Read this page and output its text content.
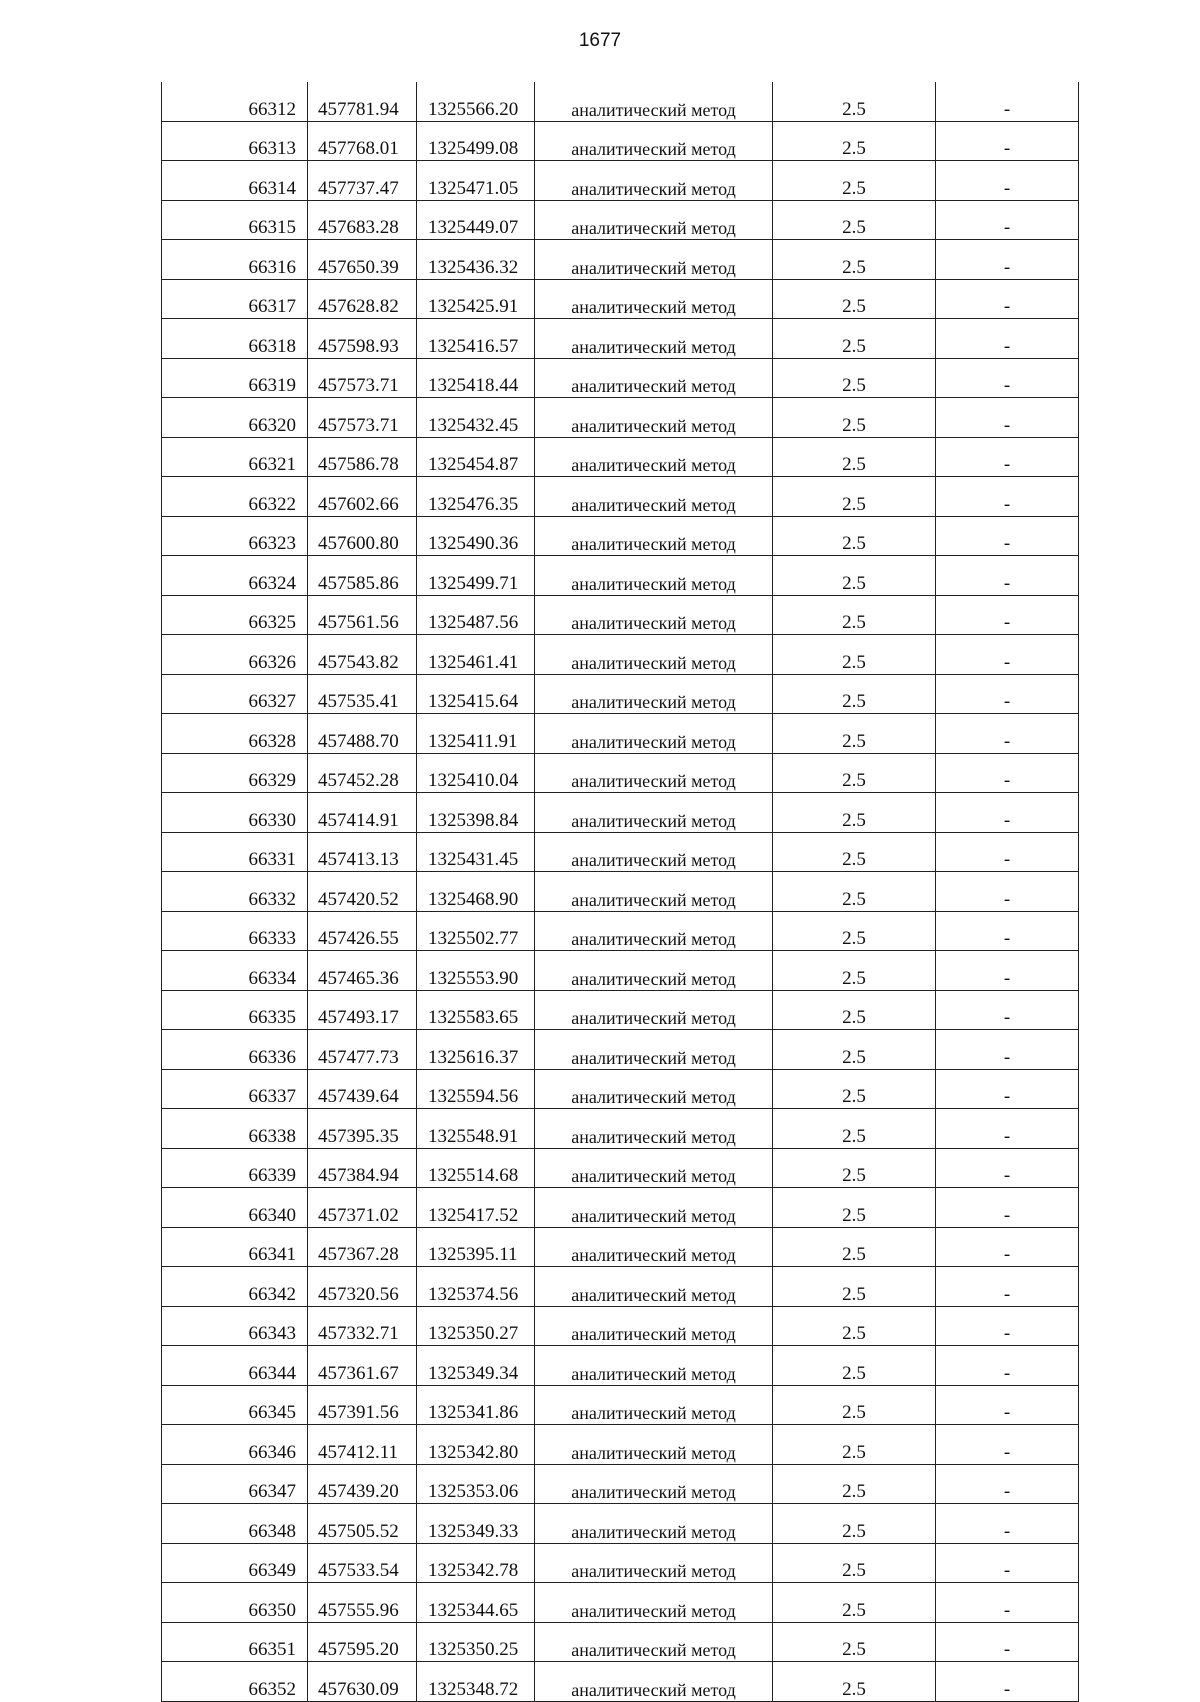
1677
66312	457781.94	1325566.20	аналитический метод	2.5	-
66313	457768.01	1325499.08	аналитический метод	2.5	-
66314	457737.47	1325471.05	аналитический метод	2.5	-
66315	457683.28	1325449.07	аналитический метод	2.5	-
66316	457650.39	1325436.32	аналитический метод	2.5	-
66317	457628.82	1325425.91	аналитический метод	2.5	-
66318	457598.93	1325416.57	аналитический метод	2.5	-
66319	457573.71	1325418.44	аналитический метод	2.5	-
66320	457573.71	1325432.45	аналитический метод	2.5	-
66321	457586.78	1325454.87	аналитический метод	2.5	-
66322	457602.66	1325476.35	аналитический метод	2.5	-
66323	457600.80	1325490.36	аналитический метод	2.5	-
66324	457585.86	1325499.71	аналитический метод	2.5	-
66325	457561.56	1325487.56	аналитический метод	2.5	-
66326	457543.82	1325461.41	аналитический метод	2.5	-
66327	457535.41	1325415.64	аналитический метод	2.5	-
66328	457488.70	1325411.91	аналитический метод	2.5	-
66329	457452.28	1325410.04	аналитический метод	2.5	-
66330	457414.91	1325398.84	аналитический метод	2.5	-
66331	457413.13	1325431.45	аналитический метод	2.5	-
66332	457420.52	1325468.90	аналитический метод	2.5	-
66333	457426.55	1325502.77	аналитический метод	2.5	-
66334	457465.36	1325553.90	аналитический метод	2.5	-
66335	457493.17	1325583.65	аналитический метод	2.5	-
66336	457477.73	1325616.37	аналитический метод	2.5	-
66337	457439.64	1325594.56	аналитический метод	2.5	-
66338	457395.35	1325548.91	аналитический метод	2.5	-
66339	457384.94	1325514.68	аналитический метод	2.5	-
66340	457371.02	1325417.52	аналитический метод	2.5	-
66341	457367.28	1325395.11	аналитический метод	2.5	-
66342	457320.56	1325374.56	аналитический метод	2.5	-
66343	457332.71	1325350.27	аналитический метод	2.5	-
66344	457361.67	1325349.34	аналитический метод	2.5	-
66345	457391.56	1325341.86	аналитический метод	2.5	-
66346	457412.11	1325342.80	аналитический метод	2.5	-
66347	457439.20	1325353.06	аналитический метод	2.5	-
66348	457505.52	1325349.33	аналитический метод	2.5	-
66349	457533.54	1325342.78	аналитический метод	2.5	-
66350	457555.96	1325344.65	аналитический метод	2.5	-
66351	457595.20	1325350.25	аналитический метод	2.5	-
66352	457630.09	1325348.72	аналитический метод	2.5	-
